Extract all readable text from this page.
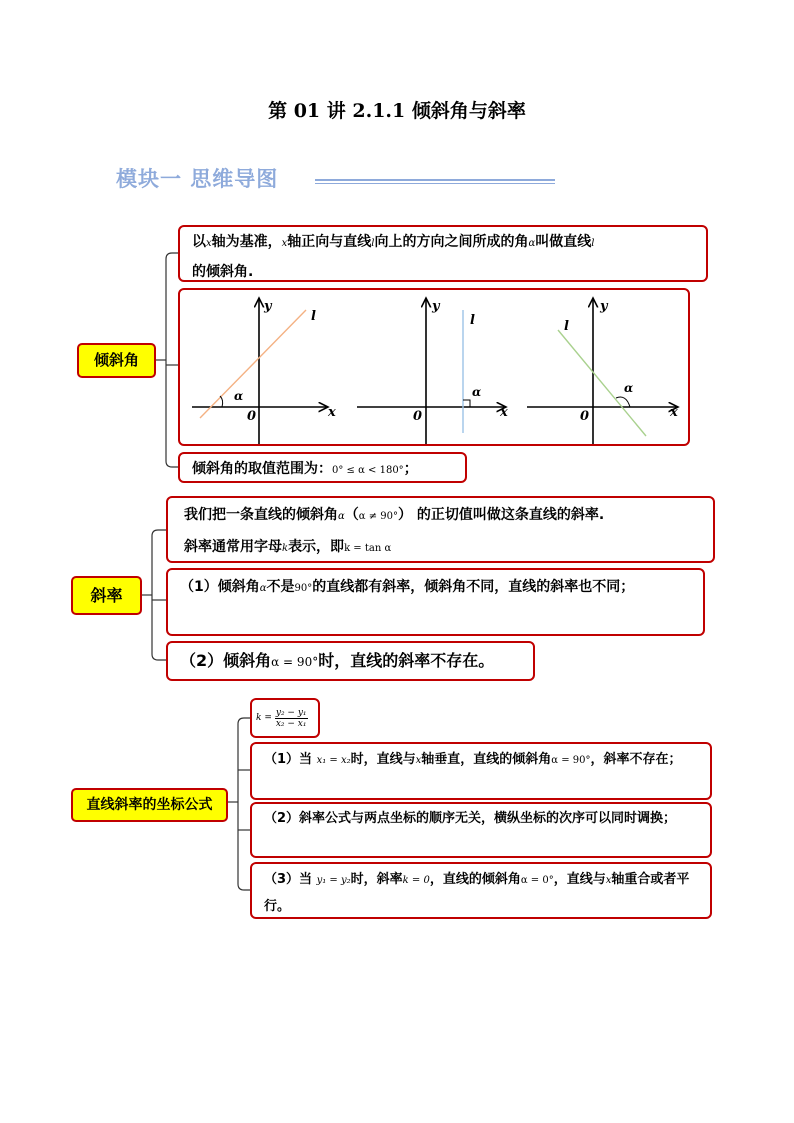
第 01 讲 2.1.1 倾斜角与斜率
模块一 思维导图
倾斜角
以x轴为基准，x轴正向与直线l向上的方向之间所成的角α叫做直线l
的倾斜角.
y
x
0
l
α
y
x
0
l
α
y
x
0
l
α
倾斜角的取值范围为：0° ≤ α < 180°；
斜率
我们把一条直线的倾斜角α（α ≠ 90°） 的正切值叫做这条直线的斜率.
斜率通常用字母k表示，即k = tan α
（1）倾斜角α不是90°的直线都有斜率，倾斜角不同，直线的斜率也不同；
（2）倾斜角α = 90°时，直线的斜率不存在。
直线斜率的坐标公式
$k = \frac{\text{y₂ − y₁}}{\text{x₂ − x₁}}$
（1）当 x₁ = x₂时，直线与x轴垂直，直线的倾斜角α = 90°，斜率不存在；
（2）斜率公式与两点坐标的顺序无关，横纵坐标的次序可以同时调换；
（3）当 y₁ = y₂时，斜率k = 0，直线的倾斜角α = 0°，直线与x轴重合或者平行。
